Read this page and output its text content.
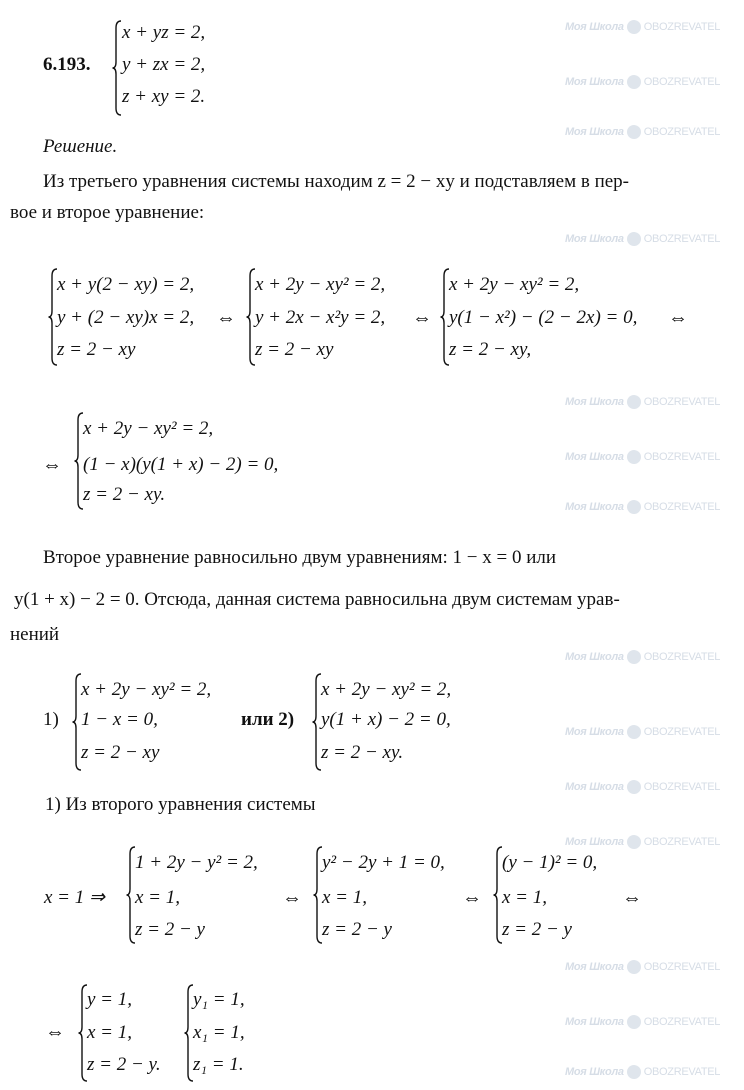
Моя Школа OBOZREVATEL
Моя Школа OBOZREVATEL
Моя Школа OBOZREVATEL
Моя Школа OBOZREVATEL
Моя Школа OBOZREVATEL
Моя Школа OBOZREVATEL
Моя Школа OBOZREVATEL
Моя Школа OBOZREVATEL
Моя Школа OBOZREVATEL
Моя Школа OBOZREVATEL
Моя Школа OBOZREVATEL
Моя Школа OBOZREVATEL
Моя Школа OBOZREVATEL
Моя Школа OBOZREVATEL
6.193.
x + yz = 2,
y + zx = 2,
z + xy = 2.
Решение.
Из третьего уравнения системы находим z = 2 − xy и подставляем в пер-
вое и второе уравнение:
x + y(2 − xy) = 2,
y + (2 − xy)x = 2,
z = 2 − xy
⇔
x + 2y − xy² = 2,
y + 2x − x²y = 2,
z = 2 − xy
⇔
x + 2y − xy² = 2,
y(1 − x²) − (2 − 2x) = 0,
z = 2 − xy,
⇔
⇔
x + 2y − xy² = 2,
(1 − x)(y(1 + x) − 2) = 0,
z = 2 − xy.
Второе уравнение равносильно двум уравнениям: 1 − x = 0 или
y(1 + x) − 2 = 0. Отсюда, данная система равносильна двум системам урав-
нений
1)
x + 2y − xy² = 2,
1 − x = 0,
z = 2 − xy
или 2)
x + 2y − xy² = 2,
y(1 + x) − 2 = 0,
z = 2 − xy.
1) Из второго уравнения системы
x = 1 ⇒
1 + 2y − y² = 2,
x = 1,
z = 2 − y
⇔
y² − 2y + 1 = 0,
x = 1,
z = 2 − y
⇔
(y − 1)² = 0,
x = 1,
z = 2 − y
⇔
⇔
y = 1,
x = 1,
z = 2 − y.
y₁ = 1,
x₁ = 1,
z₁ = 1.
